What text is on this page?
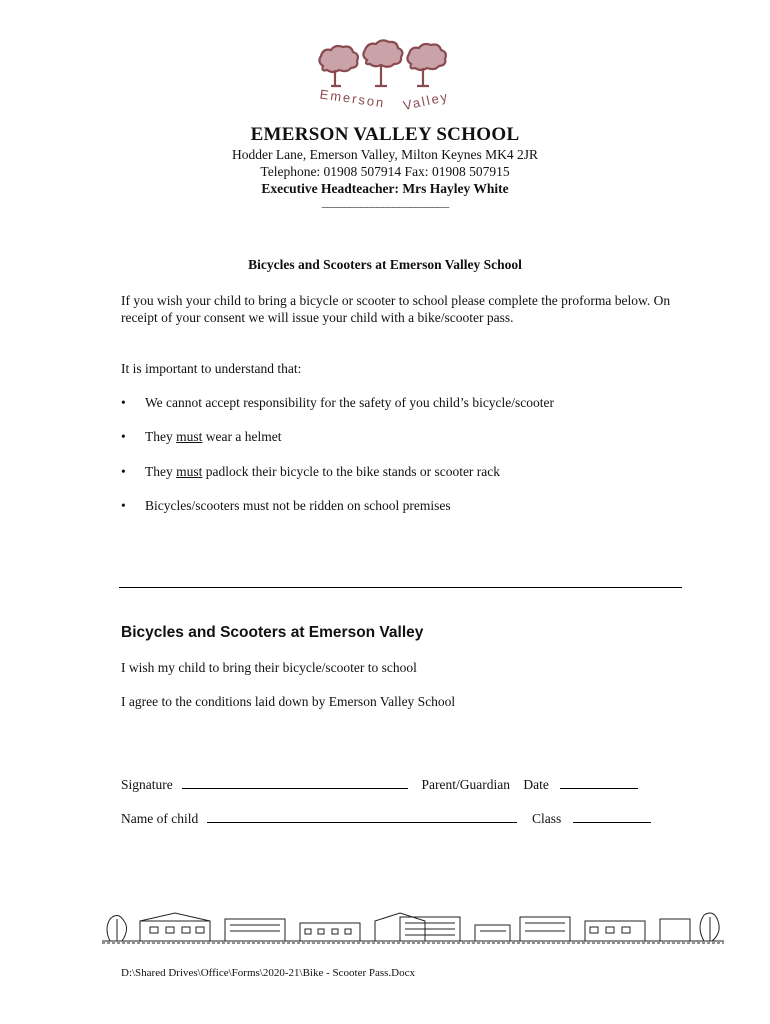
Emerson Valley
EMERSON VALLEY SCHOOL
Hodder Lane, Emerson Valley, Milton Keynes MK4 2JR
Telephone: 01908 507914 Fax: 01908 507915
Executive Headteacher: Mrs Hayley White
_______________________
Bicycles and Scooters at Emerson Valley School
If you wish your child to bring a bicycle or scooter to school please complete the proforma below. On receipt of your consent we will issue your child with a bike/scooter pass.
It is important to understand that:
• We cannot accept responsibility for the safety of you child’s bicycle/scooter
• They must wear a helmet
• They must padlock their bicycle to the bike stands or scooter rack
• Bicycles/scooters must not be ridden on school premises
Bicycles and Scooters at Emerson Valley
I wish my child to bring their bicycle/scooter to school
I agree to the conditions laid down by Emerson Valley School
Signature	Parent/Guardian Date
Name of child	Class
D:\Shared Drives\Office\Forms\2020-21\Bike - Scooter Pass.Docx
